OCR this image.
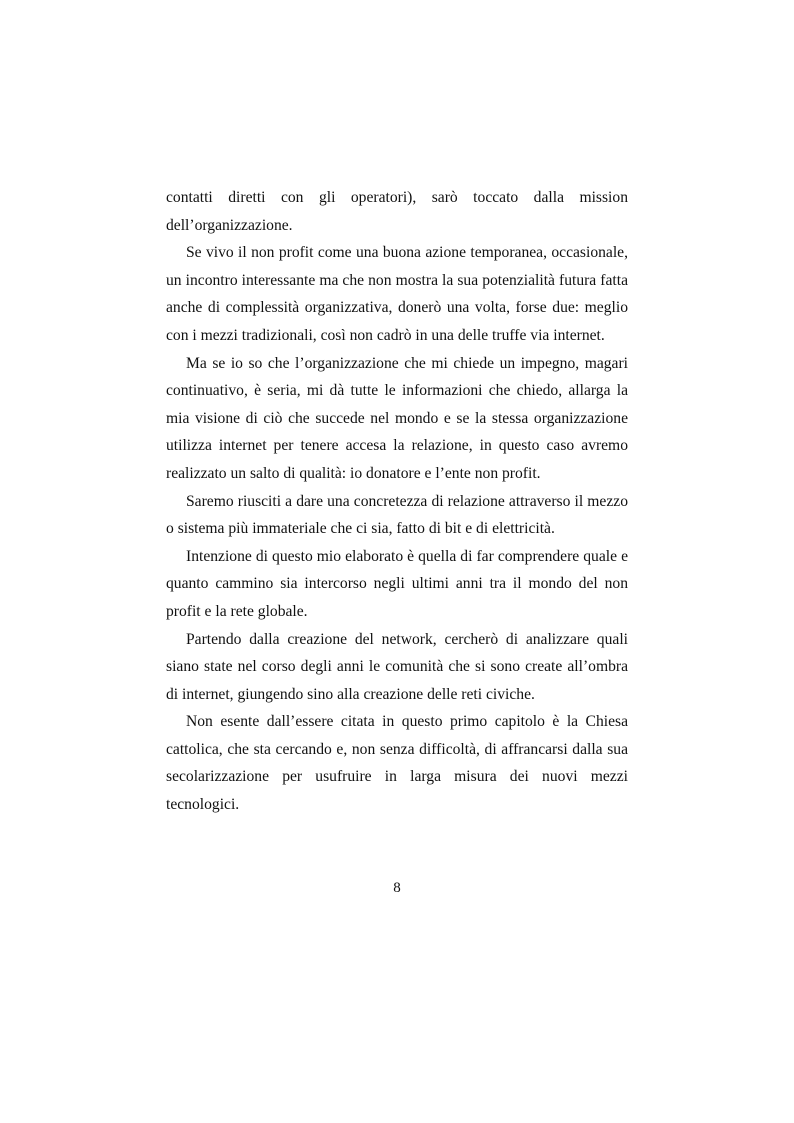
contatti diretti con gli operatori), sarò toccato dalla mission dell’organizzazione.

Se vivo il non profit come una buona azione temporanea, occasionale, un incontro interessante ma che non mostra la sua potenzialità futura fatta anche di complessità organizzativa, donerò una volta, forse due: meglio con i mezzi tradizionali, così non cadrò in una delle truffe via internet.

Ma se io so che l’organizzazione che mi chiede un impegno, magari continuativo, è seria, mi dà tutte le informazioni che chiedo, allarga la mia visione di ciò che succede nel mondo e se la stessa organizzazione utilizza internet per tenere accesa la relazione, in questo caso avremo realizzato un salto di qualità: io donatore e l’ente non profit.

Saremo riusciti a dare una concretezza di relazione attraverso il mezzo o sistema più immateriale che ci sia, fatto di bit e di elettricità.

Intenzione di questo mio elaborato è quella di far comprendere quale e quanto cammino sia intercorso negli ultimi anni tra il mondo del non profit e la rete globale.

Partendo dalla creazione del network, cercherò di analizzare quali siano state nel corso degli anni le comunità che si sono create all’ombra di internet, giungendo sino alla creazione delle reti civiche.

Non esente dall’essere citata in questo primo capitolo è la Chiesa cattolica, che sta cercando e, non senza difficoltà, di affrancarsi dalla sua secolarizzazione per usufruire in larga misura dei nuovi mezzi tecnologici.

8
